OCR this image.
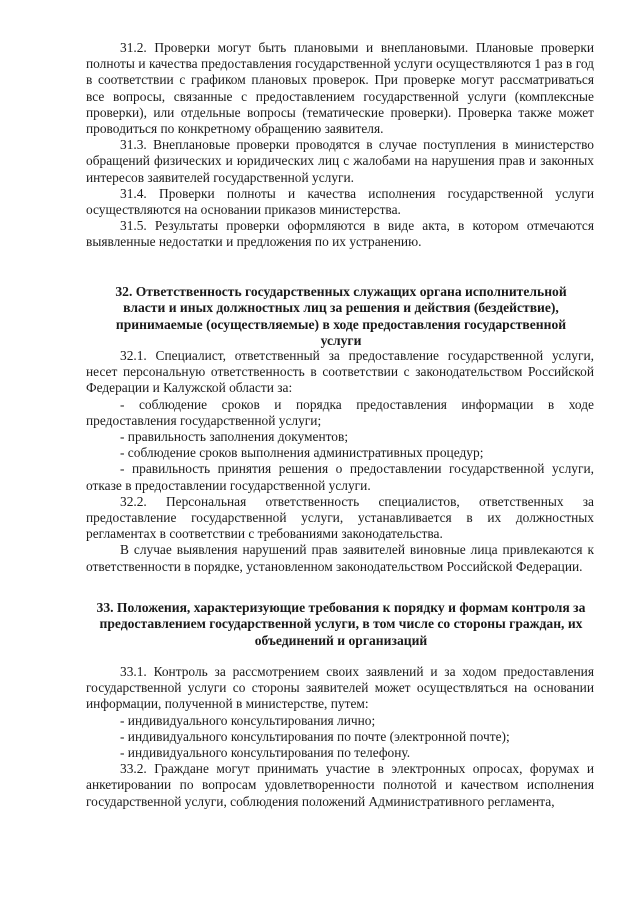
31.2. Проверки могут быть плановыми и внеплановыми. Плановые проверки полноты и качества предоставления государственной услуги осуществляются 1 раз в год в соответствии с графиком плановых проверок. При проверке могут рассматриваться все вопросы, связанные с предоставлением государственной услуги (комплексные проверки), или отдельные вопросы (тематические проверки). Проверка также может проводиться по конкретному обращению заявителя.

31.3. Внеплановые проверки проводятся в случае поступления в министерство обращений физических и юридических лиц с жалобами на нарушения прав и законных интересов заявителей государственной услуги.

31.4. Проверки полноты и качества исполнения государственной услуги осуществляются на основании приказов министерства.

31.5. Результаты проверки оформляются в виде акта, в котором отмечаются выявленные недостатки и предложения по их устранению.

32. Ответственность государственных служащих органа исполнительной власти и иных должностных лиц за решения и действия (бездействие), принимаемые (осуществляемые) в ходе предоставления государственной услуги

32.1. Специалист, ответственный за предоставление государственной услуги, несет персональную ответственность в соответствии с законодательством Российской Федерации и Калужской области за:

- соблюдение сроков и порядка предоставления информации в ходе предоставления государственной услуги;

- правильность заполнения документов;

- соблюдение сроков выполнения административных процедур;

- правильность принятия решения о предоставлении государственной услуги, отказе в предоставлении государственной услуги.

32.2. Персональная ответственность специалистов, ответственных за предоставление государственной услуги, устанавливается в их должностных регламентах в соответствии с требованиями законодательства.

В случае выявления нарушений прав заявителей виновные лица привлекаются к ответственности в порядке, установленном законодательством Российской Федерации.

33. Положения, характеризующие требования к порядку и формам контроля за предоставлением государственной услуги, в том числе со стороны граждан, их объединений и организаций

33.1. Контроль за рассмотрением своих заявлений и за ходом предоставления государственной услуги со стороны заявителей может осуществляться на основании информации, полученной в министерстве, путем:

- индивидуального консультирования лично;

- индивидуального консультирования по почте (электронной почте);

- индивидуального консультирования по телефону.

33.2. Граждане могут принимать участие в электронных опросах, форумах и анкетировании по вопросам удовлетворенности полнотой и качеством исполнения государственной услуги, соблюдения положений Административного регламента,
